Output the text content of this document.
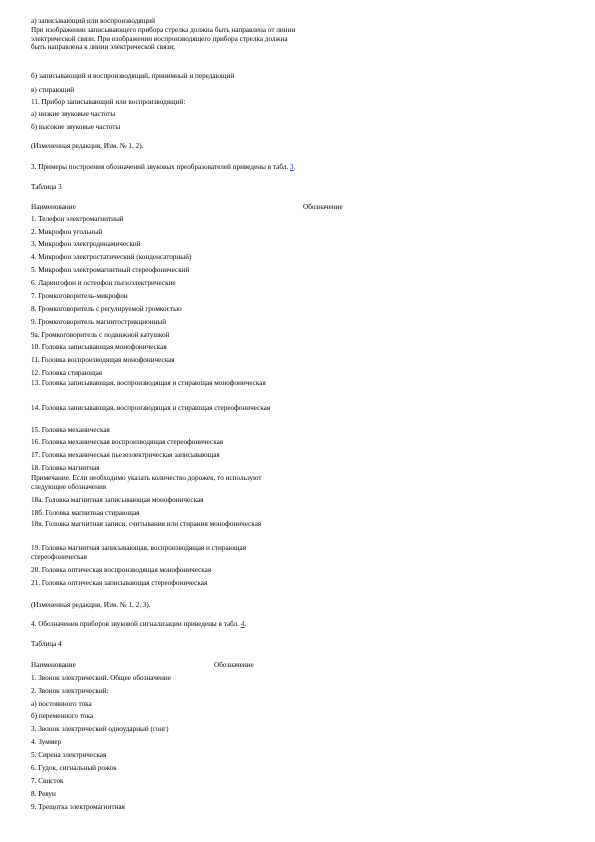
а) записывающий или воспроизводящий
При изображении записывающего прибора стрелка должна быть направлена от линии электрической связи. При изображении воспроизводящего прибора стрелка должна быть направлена к линии электрической связи;
б) записывающий и воспроизводящий, принимный и передающий
в) стирающий
11. Прибор записывающий или воспроизводящий:
а) низкие звуковые частоты
б) высокие звуковые частоты
(Измененная редакция, Изм. № 1, 2).
3. Примеры построения обозначений звуковых преобразователей приведены в табл. 3.
Таблица 3
Наименование	Обозначение
1. Телефон электромагнитный
2. Микрофон угольный
3. Микрофон электродинамический
4. Микрофон электростатический (конденсаторный)
5. Микрофон электромагнитный стереофонический
6. Ларингофон и остеофон пьезоэлектрические
7. Громкоговоритель-микрофон
8. Громкоговоритель с регулируемой громкостью
9. Громкоговоритель магнитострикционный
9а. Громкоговоритель с подвижной катушкой
10. Головка записывающая монофоническая
11. Головка воспроизводящая монофоническая
12. Головка стирающая
13. Головка записывающая, воспроизводящая и стирающая монофоническая
14. Головка записывающая, воспроизводящая и стирающая стереофоническая
15. Головка механическая
16. Головка механическая воспроизводящая стереофоническая
17. Головка механическая пьезоэлектрическая записывающая
18. Головка магнитная
Примечание. Если необходимо указать количество дорожек, то используют следующие обозначения
18а. Головка магнитная записывающая монофоническая
18б. Головка магнитная стирающая
18в. Головка магнитная записи, считывания или стирания монофоническая
19. Головка магнитная записывающая, воспроизводящая и стирающая стереофоническая
20. Головка оптическая воспроизводящая монофоническая
21. Головка оптическая записывающая стереофоническая
(Измененная редакция, Изм. № 1, 2, 3).
4. Обозначения приборов звуковой сигнализации приведены в табл. 4.
Таблица 4
Наименование	Обозначение
1. Звонок электрический. Общее обозначение
2. Звонок электрический:
а) постоянного тока
б) переменного тока
3. Звонок электрический одноударный (гонг)
4. Зуммер
5. Сирена электрическая
6. Гудок, сигнальный рожок
7. Свисток
8. Ревун
9. Трещотка электромагнитная
